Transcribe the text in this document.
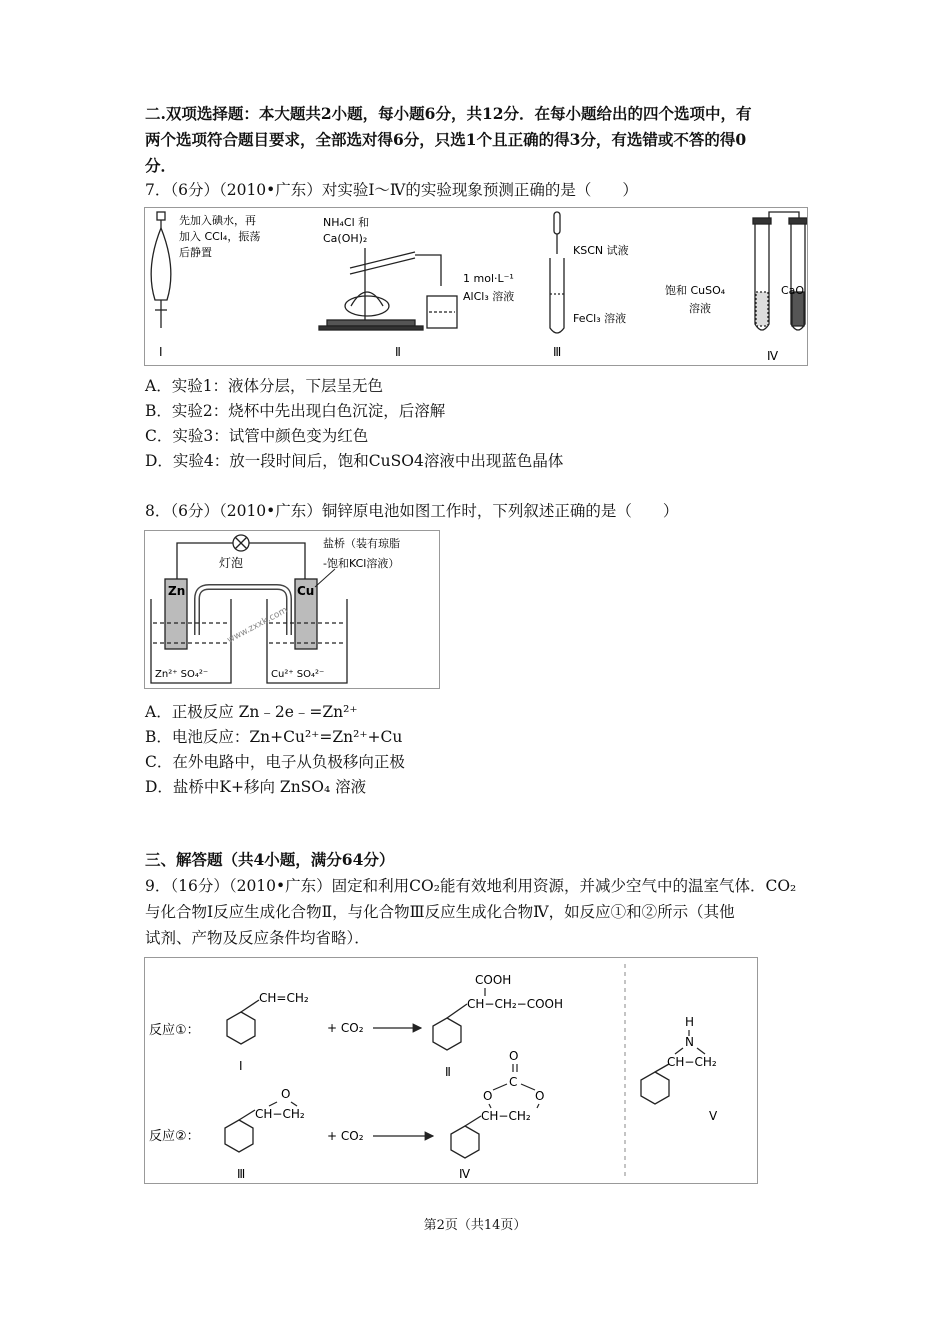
二.双项选择题：本大题共2小题，每小题6分，共12分．在每小题给出的四个选项中，有
两个选项符合题目要求，全部选对得6分，只选1个且正确的得3分，有选错或不答的得0
分．
7．（6分）（2010•广东）对实验Ⅰ～Ⅳ的实验现象预测正确的是（　　）
先加入碘水，再
加入 CCl₄，振荡
后静置
Ⅰ
NH₄Cl 和
Ca(OH)₂
1 mol·L⁻¹
AlCl₃ 溶液
Ⅱ
KSCN 试液
FeCl₃ 溶液
Ⅲ
饱和 CuSO₄
溶液
CaO
Ⅳ
A．实验1：液体分层，下层呈无色
B．实验2：烧杯中先出现白色沉淀，后溶解
C．实验3：试管中颜色变为红色
D．实验4：放一段时间后，饱和CuSO4溶液中出现蓝色晶体
8．（6分）（2010•广东）铜锌原电池如图工作时，下列叙述正确的是（　　）
灯泡
盐桥（装有琼脂
-饱和KCl溶液）
Zn	Cu
Zn²⁺ SO₄²⁻	Cu²⁺ SO₄²⁻
www.zxxk.com
A．正极反应 Zn﹣2e﹣=Zn²⁺
B．电池反应：Zn+Cu²⁺=Zn²⁺+Cu
C．在外电路中，电子从负极移向正极
D．盐桥中K+移向 ZnSO₄ 溶液
三、解答题（共4小题，满分64分）
9．（16分）（2010•广东）固定和利用CO₂能有效地利用资源，并减少空气中的温室气体．CO₂
与化合物Ⅰ反应生成化合物Ⅱ，与化合物Ⅲ反应生成化合物Ⅳ，如反应①和②所示（其他
试剂、产物及反应条件均省略）．
反应①：
CH=CH₂
Ⅰ
+ CO₂
COOH
CH−CH₂−COOH
Ⅱ
反应②：
O
CH−CH₂
Ⅲ
+ CO₂
O
C
O	O
CH−CH₂
Ⅳ
H
N
CH−CH₂
Ⅴ
第2页（共14页）
